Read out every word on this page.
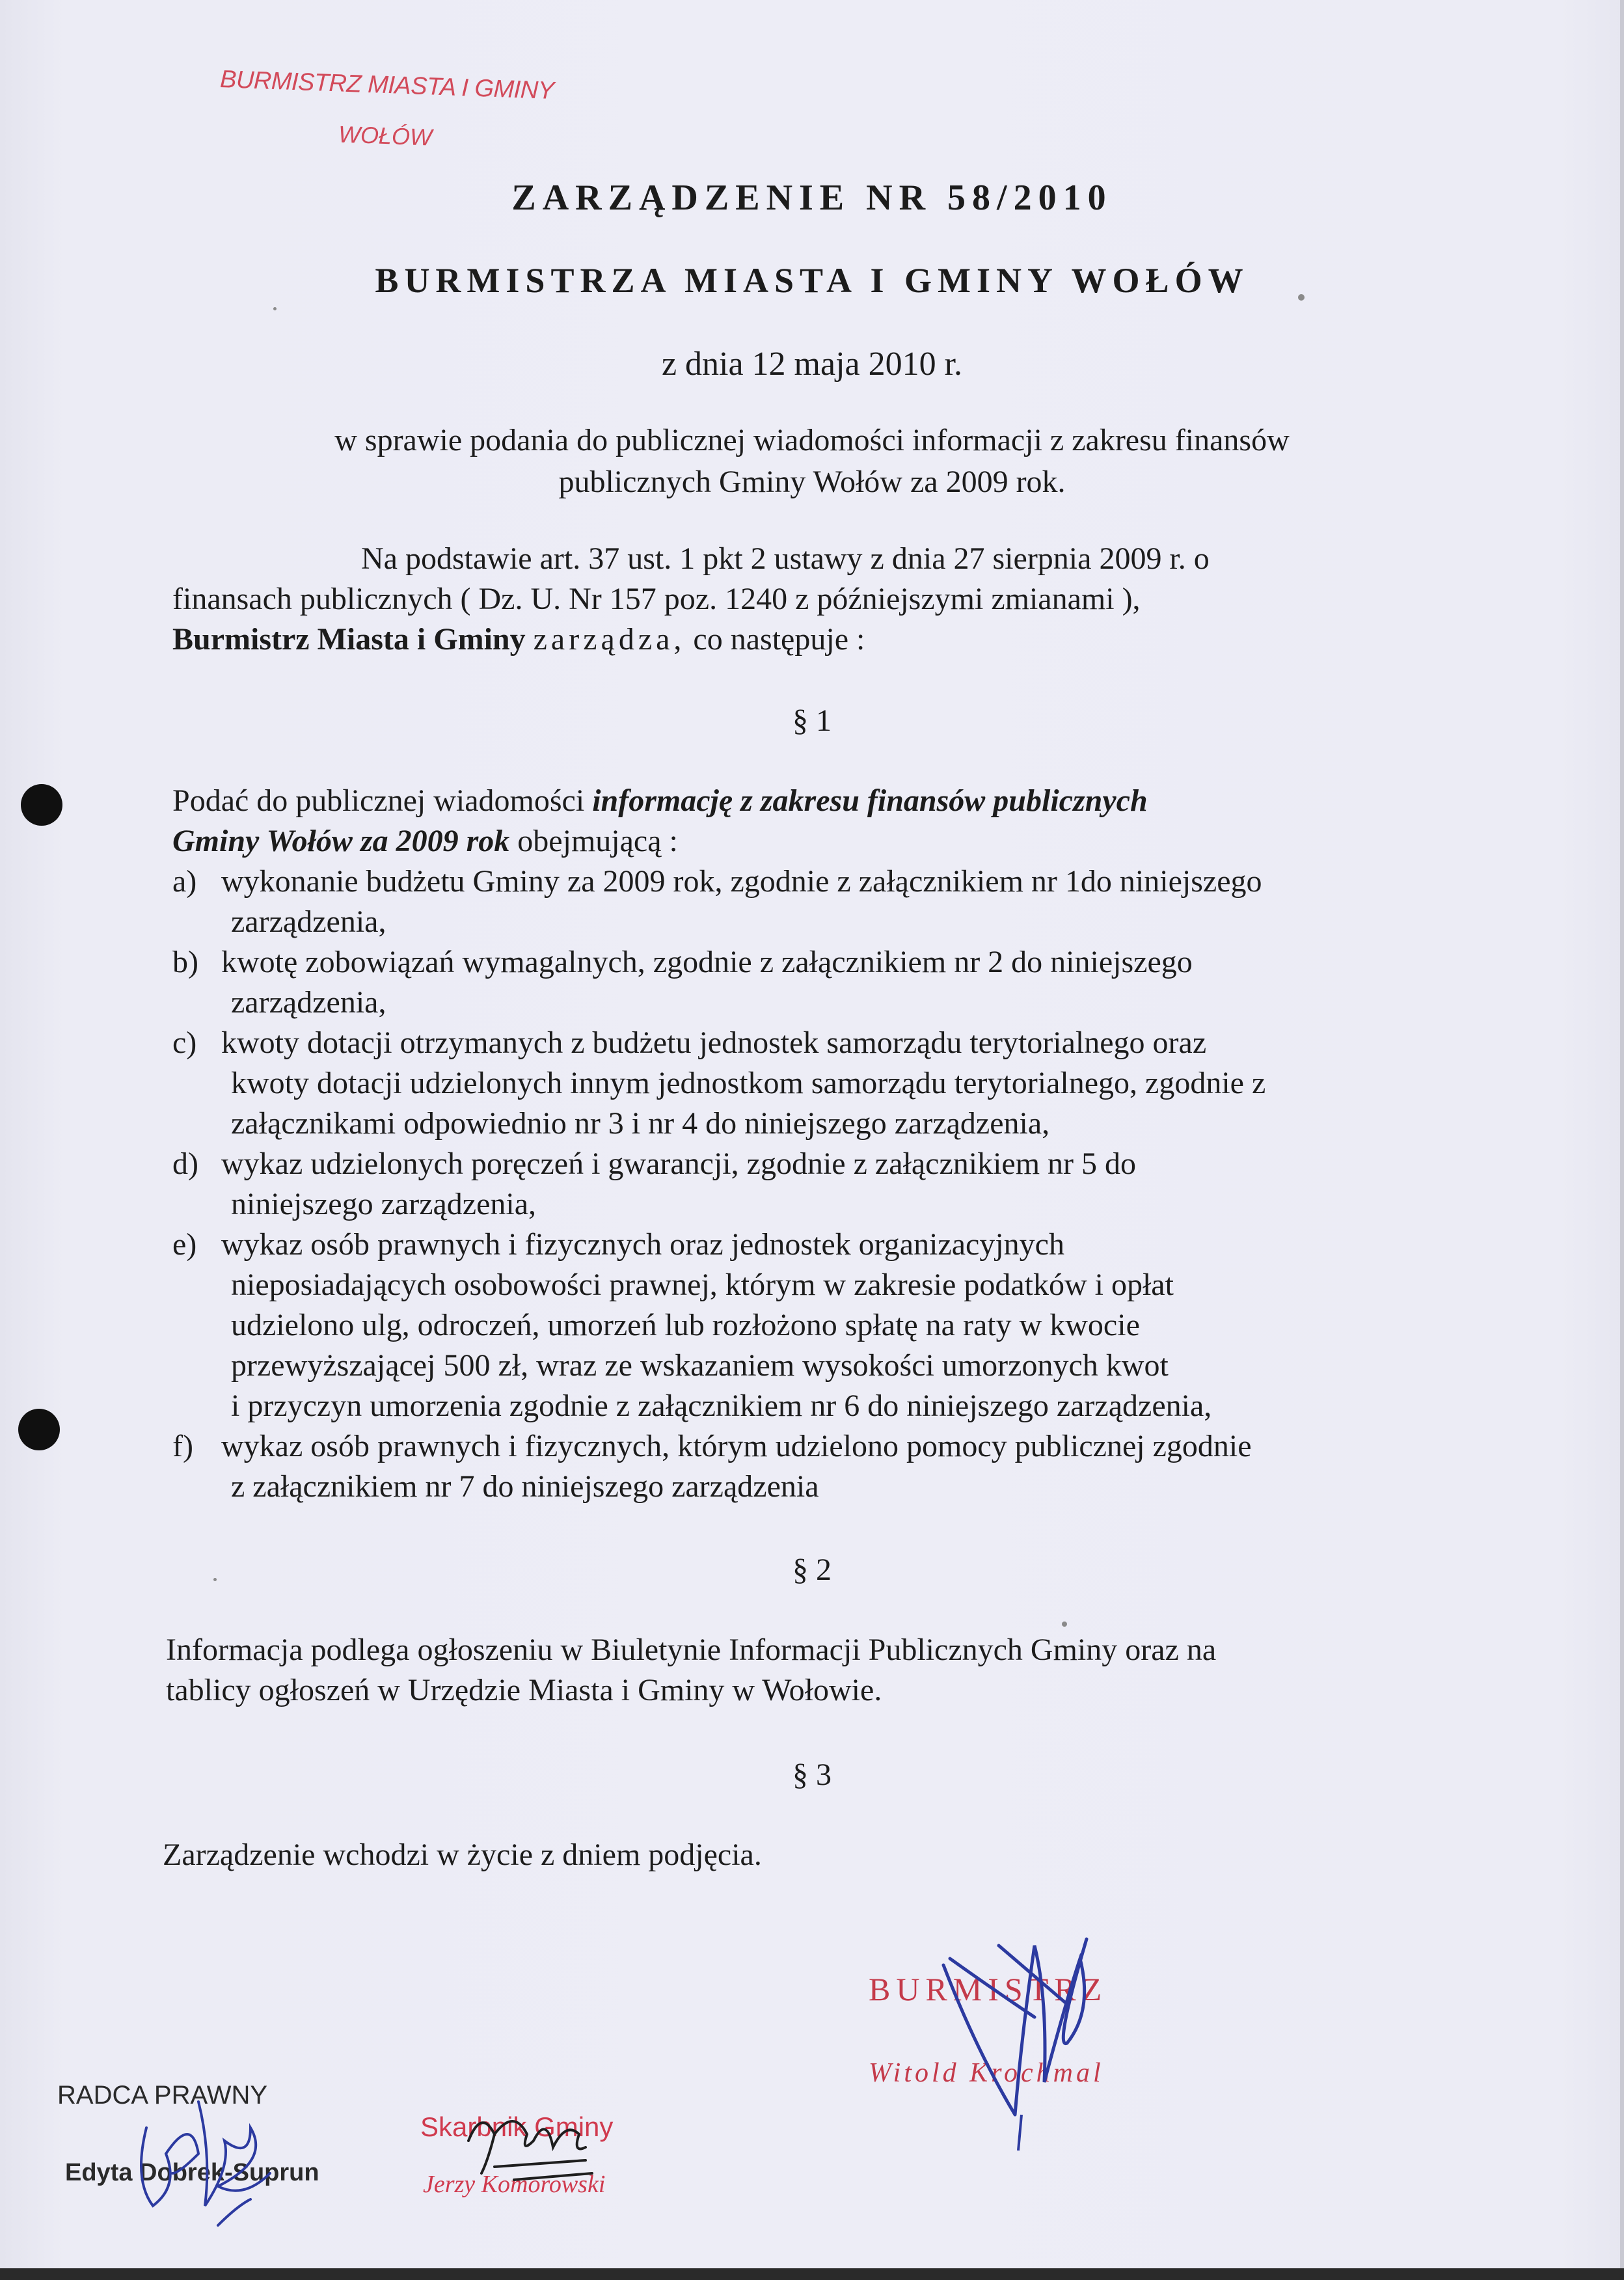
BURMISTRZ MIASTA I GMINY
WOŁÓW
ZARZĄDZENIE NR 58/2010
BURMISTRZA MIASTA I GMINY WOŁÓW
z dnia 12 maja 2010 r.
w sprawie podania do publicznej wiadomości informacji z zakresu finansów
publicznych Gminy Wołów za 2009 rok.
Na podstawie art. 37 ust. 1 pkt 2 ustawy z dnia 27 sierpnia 2009 r. o
finansach publicznych ( Dz. U. Nr 157 poz. 1240 z późniejszymi zmianami ),
Burmistrz Miasta i Gminy zarządza, co następuje :
§ 1
Podać do publicznej wiadomości informację z zakresu finansów publicznych
Gminy Wołów za 2009 rok obejmującą :
a) wykonanie budżetu Gminy za 2009 rok, zgodnie z załącznikiem nr 1do niniejszego
zarządzenia,
b) kwotę zobowiązań wymagalnych, zgodnie z załącznikiem nr 2 do niniejszego
zarządzenia,
c) kwoty dotacji otrzymanych z budżetu jednostek samorządu terytorialnego oraz
kwoty dotacji udzielonych innym jednostkom samorządu terytorialnego, zgodnie z
załącznikami odpowiednio nr 3 i nr 4 do niniejszego zarządzenia,
d) wykaz udzielonych poręczeń i gwarancji, zgodnie z załącznikiem nr 5 do
niniejszego zarządzenia,
e) wykaz osób prawnych i fizycznych oraz jednostek organizacyjnych
nieposiadających osobowości prawnej, którym w zakresie podatków i opłat
udzielono ulg, odroczeń, umorzeń lub rozłożono spłatę na raty w kwocie
przewyższającej 500 zł, wraz ze wskazaniem wysokości umorzonych kwot
i przyczyn umorzenia zgodnie z załącznikiem nr 6 do niniejszego zarządzenia,
f) wykaz osób prawnych i fizycznych, którym udzielono pomocy publicznej zgodnie
z załącznikiem nr 7 do niniejszego zarządzenia
§ 2
Informacja podlega ogłoszeniu w Biuletynie Informacji Publicznych Gminy oraz na
tablicy ogłoszeń w Urzędzie Miasta i Gminy w Wołowie.
§ 3
Zarządzenie wchodzi w życie z dniem podjęcia.
BURMISTRZ
Witold Krochmal
RADCA PRAWNY
Edyta Dobrek-Suprun
Skarbnik Gminy
Jerzy Komorowski
